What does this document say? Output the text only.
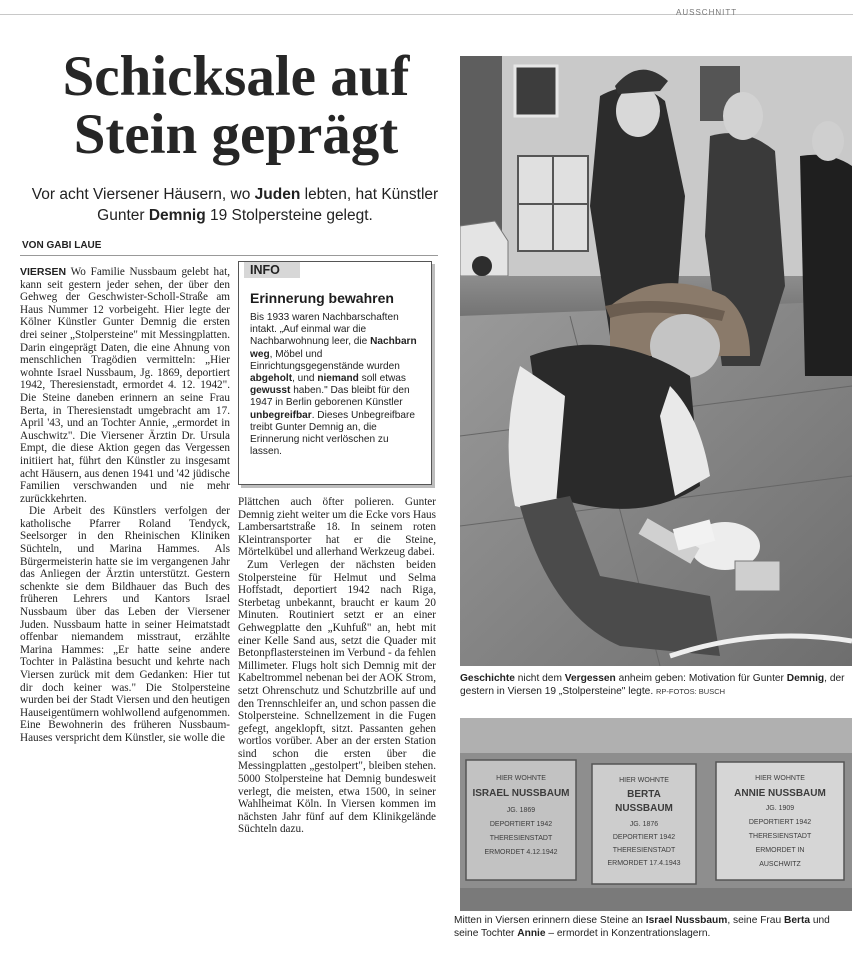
AUSSCHNITT
Schicksale auf
Stein geprägt
Vor acht Viersener Häusern, wo Juden lebten, hat Künstler Gunter Demnig 19 Stolpersteine gelegt.
VON GABI LAUE

VIERSEN Wo Familie Nussbaum gelebt hat, kann seit gestern jeder sehen, der über den Gehweg der Geschwister-Scholl-Straße am Haus Nummer 12 vorbeigeht. Hier legte der Kölner Künstler Gunter Demnig die ersten drei seiner „Stolpersteine" mit Messingplatten. Darin eingeprägt Daten, die eine Ahnung von menschlichen Tragödien vermitteln: „Hier wohnte Israel Nussbaum, Jg. 1869, deportiert 1942, Theresienstadt, ermordet 4. 12. 1942". Die Steine daneben erinnern an seine Frau Berta, in Theresienstadt umgebracht am 17. April '43, und an Tochter Annie, „ermordet in Auschwitz". Die Viersener Ärztin Dr. Ursula Empt, die diese Aktion gegen das Vergessen initiiert hat, führt den Künstler zu insgesamt acht Häusern, aus denen 1941 und '42 jüdische Familien verschwanden und nie mehr zurückkehrten.

Die Arbeit des Künstlers verfolgen der katholische Pfarrer Roland Tendyck, Seelsorger in den Rheinischen Kliniken Süchteln, und Marina Hammes. Als Bürgermeisterin hatte sie im vergangenen Jahr das Anliegen der Ärztin unterstützt. Gestern schenkte sie dem Bildhauer das Buch des früheren Lehrers und Kantors Israel Nussbaum über das Leben der Viersener Juden. Nussbaum hatte in seiner Heimatstadt offenbar niemandem misstraut, erzählte Marina Hammes: „Er hatte seine andere Tochter in Palästina besucht und kehrte nach Viersen zurück mit dem Gedanken: Hier tut dir doch keiner was." Die Stolpersteine wurden bei der Stadt Viersen und den heutigen Hauseigentümern wohlwollend aufgenommen. Eine Bewohnerin des früheren Nussbaum-Hauses verspricht dem Künstler, sie wolle die

INFO
Erinnerung bewahren
Bis 1933 waren Nachbarschaften intakt. „Auf einmal war die Nachbarwohnung leer, die Nachbarn weg, Möbel und Einrichtungsgegenstände wurden abgeholt, und niemand soll etwas gewusst haben." Das bleibt für den 1947 in Berlin geborenen Künstler unbegreifbar. Dieses Unbegreifbare treibt Gunter Demnig an, die Erinnerung nicht verlöschen zu lassen.

Plättchen auch öfter polieren. Gunter Demnig zieht weiter um die Ecke vors Haus Lambersartstraße 18. In seinem roten Kleintransporter hat er die Steine, Mörtelkübel und allerhand Werkzeug dabei.

Zum Verlegen der nächsten beiden Stolpersteine für Helmut und Selma Hoffstadt, deportiert 1942 nach Riga, Sterbetag unbekannt, braucht er kaum 20 Minuten. Routiniert setzt er an einer Gehwegplatte den „Kuhfuß" an, hebt mit einer Kelle Sand aus, setzt die Quader mit Betonpflastersteinen im Verbund - da fehlen Millimeter. Flugs holt sich Demnig mit der Kabeltrommel nebenan bei der AOK Strom, setzt Ohrenschutz und Schutzbrille auf und den Trennschleifer an, und schon passen die Stolpersteine. Schnellzement in die Fugen gefegt, angeklopft, sitzt. Passanten gehen wortlos vorüber. Aber an der ersten Station sind schon die ersten über die Messingplatten „gestolpert", bleiben stehen. 5000 Stolpersteine hat Demnig bundesweit verlegt, die meisten, etwa 1500, in seiner Wahlheimat Köln. In Viersen kommen im nächsten Jahr fünf auf dem Klinikgelände Süchteln dazu.

Geschichte nicht dem Vergessen anheim geben: Motivation für Gunter Demnig, der gestern in Viersen 19 „Stolpersteine" legte. RP-FOTOS: BUSCH
HIER WOHNTE
ISRAEL NUSSBAUM
JG. 1869
DEPORTIERT 1942
THERESIENSTADT
ERMORDET 4.12.1942
HIER WOHNTE
BERTA
NUSSBAUM
JG. 1876
DEPORTIERT 1942
THERESIENSTADT
ERMORDET 17.4.1943
HIER WOHNTE
ANNIE NUSSBAUM
JG. 1909
DEPORTIERT 1942
THERESIENSTADT
ERMORDET IN
AUSCHWITZ
Mitten in Viersen erinnern diese Steine an Israel Nussbaum, seine Frau Berta und seine Tochter Annie – ermordet in Konzentrationslagern.
